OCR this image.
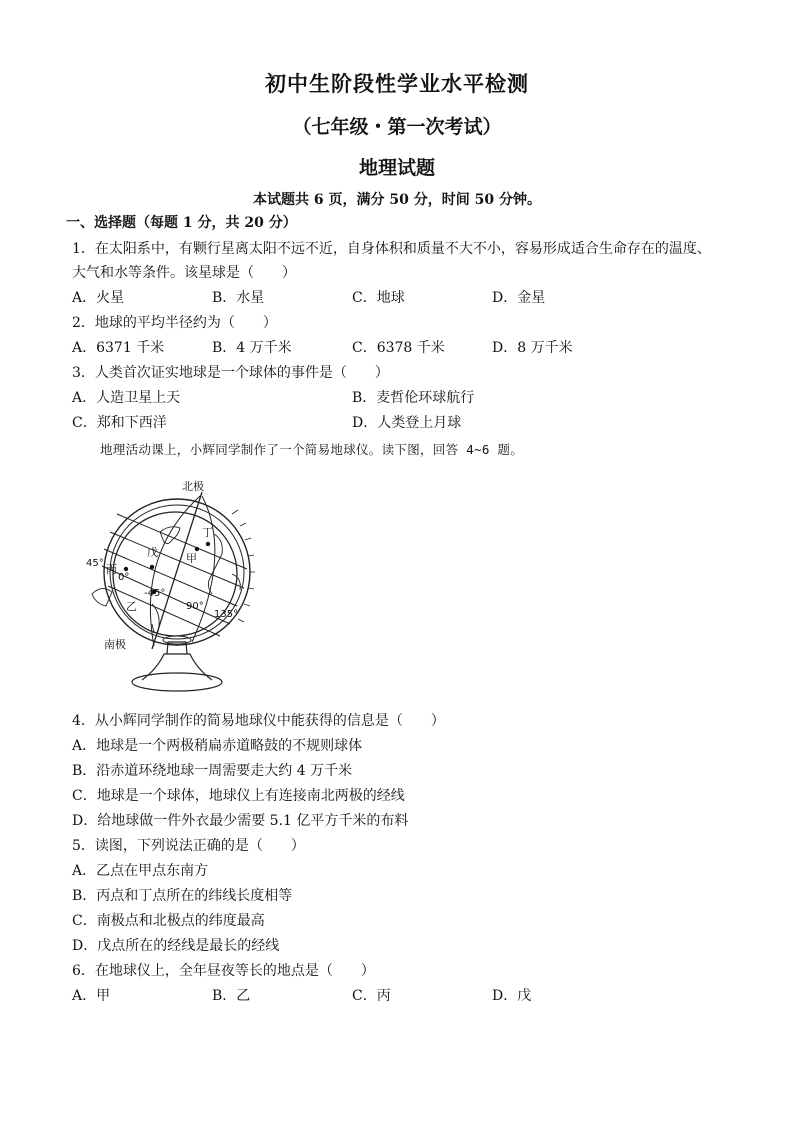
初中生阶段性学业水平检测
（七年级・第一次考试）
地理试题
本试题共 6 页，满分 50 分，时间 50 分钟。
一、选择题（每题 1 分，共 20 分）
1．在太阳系中，有颗行星离太阳不远不近，自身体积和质量不大不小，容易形成适合生命存在的温度、
大气和水等条件。该星球是（　　）
A．火星	B．水星	C．地球	D．金星
2．地球的平均半径约为（　　）
A．6371 千米	B．4 万千米	C．6378 千米	D．8 万千米
3．人类首次证实地球是一个球体的事件是（　　）
A．人造卫星上天	B．麦哲伦环球航行
C．郑和下西洋	D．人类登上月球
地理活动课上，小辉同学制作了一个简易地球仪。读下图，回答 4~6 题。
北极
南极
甲
乙
丙
丁
戊
45°
0°
-45°
90°
135°
4．从小辉同学制作的简易地球仪中能获得的信息是（　　）
A．地球是一个两极稍扁赤道略鼓的不规则球体
B．沿赤道环绕地球一周需要走大约 4 万千米
C．地球是一个球体，地球仪上有连接南北两极的经线
D．给地球做一件外衣最少需要 5.1 亿平方千米的布料
5．读图，下列说法正确的是（　　）
A．乙点在甲点东南方
B．丙点和丁点所在的纬线长度相等
C．南极点和北极点的纬度最高
D．戊点所在的经线是最长的经线
6．在地球仪上，全年昼夜等长的地点是（　　）
A．甲	B．乙	C．丙	D．戊
